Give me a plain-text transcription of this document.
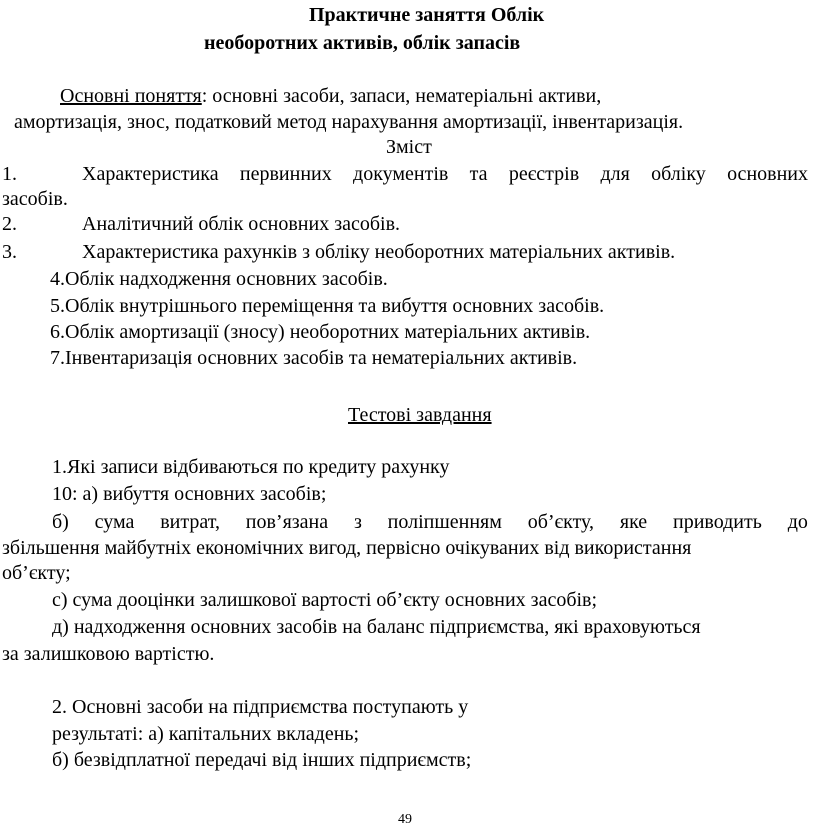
Практичне заняття Облік
необоротних активів, облік запасів
Основні поняття: основні засоби, запаси, нематеріальні активи,
амортизація, знос, податковий метод нарахування амортизації, інвентаризація.
Зміст
1.	Характеристика первинних документів та реєстрів для обліку основних
засобів.
2.	Аналітичний облік основних засобів.
3.	Характеристика рахунків з обліку необоротних матеріальних активів.
4.Облік надходження основних засобів.
5.Облік внутрішнього переміщення та вибуття основних засобів.
6.Облік амортизації (зносу) необоротних матеріальних активів.
7.Інвентаризація основних засобів та нематеріальних активів.
Тестові завдання
1.Які записи відбиваються по кредиту рахунку
10: а) вибуття основних засобів;
б) сума витрат, пов’язана з поліпшенням об’єкту, яке приводить до
збільшення майбутніх економічних вигод, первісно очікуваних від використання
об’єкту;
с) сума дооцінки залишкової вартості об’єкту основних засобів;
д) надходження основних засобів на баланс підприємства, які враховуються
за залишковою вартістю.
2. Основні засоби на підприємства поступають у
результаті: а) капітальних вкладень;
б) безвідплатної передачі від інших підприємств;
49
